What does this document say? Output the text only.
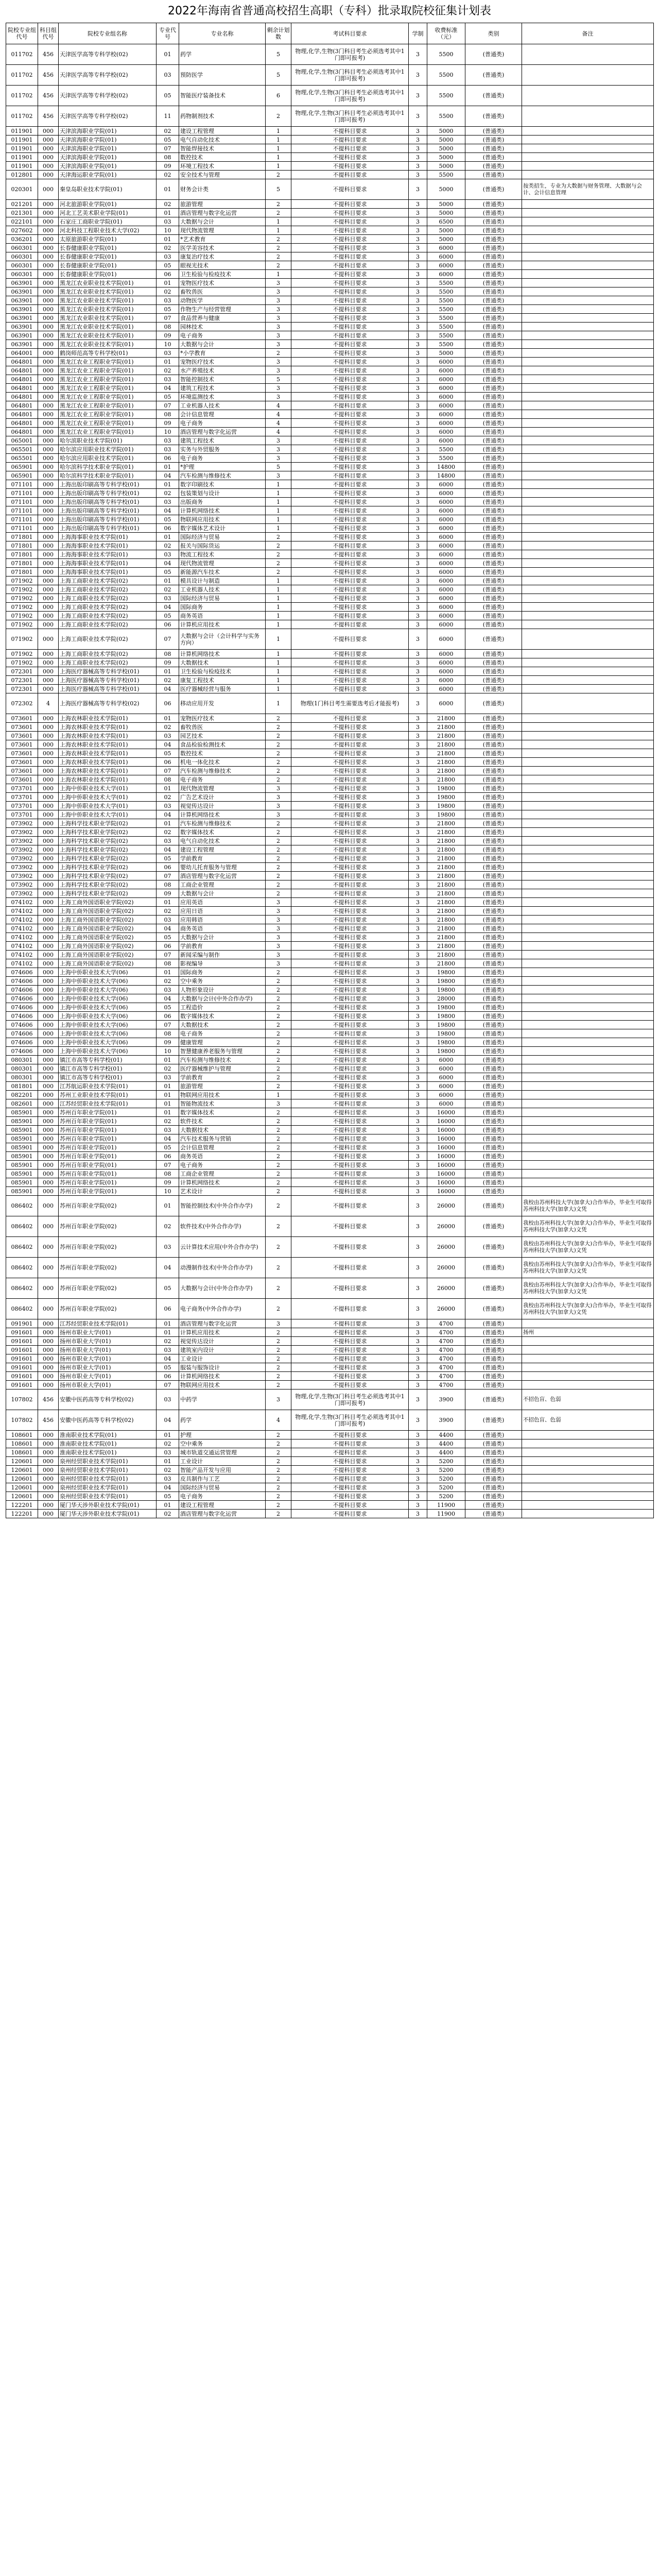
2022年海南省普通高校招生高职（专科）批录取院校征集计划表
院校专业组代号	科目组代号	院校专业组名称	专业代号	专业名称	剩余计划数	考试科目要求	学制	收费标准（元）	类别	备注
011702	456	天津医学高等专科学校(02)	01	药学	5	物理,化学,生物(3门科目考生必须选考其中1门即可报考)	3	5500	(普通类)	
011702	456	天津医学高等专科学校(02)	03	预防医学	5	物理,化学,生物(3门科目考生必须选考其中1门即可报考)	3	5500	(普通类)	
011702	456	天津医学高等专科学校(02)	05	智能医疗装备技术	6	物理,化学,生物(3门科目考生必须选考其中1门即可报考)	3	5500	(普通类)	
011702	456	天津医学高等专科学校(02)	11	药物制剂技术	2	物理,化学,生物(3门科目考生必须选考其中1门即可报考)	3	5500	(普通类)	
011901	000	天津滨海职业学院(01)	02	建设工程管理	1	不提科目要求	3	5000	(普通类)	
011901	000	天津滨海职业学院(01)	05	电气自动化技术	1	不提科目要求	3	5000	(普通类)	
011901	000	天津滨海职业学院(01)	07	智能焊接技术	1	不提科目要求	3	5000	(普通类)	
011901	000	天津滨海职业学院(01)	08	数控技术	1	不提科目要求	3	5000	(普通类)	
011901	000	天津滨海职业学院(01)	09	环境工程技术	1	不提科目要求	3	5000	(普通类)	
012801	000	天津海运职业学院(01)	02	安全技术与管理	2	不提科目要求	3	5500	(普通类)	
020301	000	秦皇岛职业技术学院(01)	01	财务会计类	5	不提科目要求	3	5000	(普通类)	按类招生，专业为大数据与财务管理、大数据与会计、会计信息管理
021201	000	河北旅游职业学院(01)	02	旅游管理	2	不提科目要求	3	5000	(普通类)	
021301	000	河北工艺美术职业学院(01)	01	酒店管理与数字化运营	2	不提科目要求	3	5000	(普通类)	
022101	000	石家庄工商职业学院(01)	03	大数据与会计	1	不提科目要求	3	6500	(普通类)	
027602	000	河北科技工程职业技术大学(02)	10	现代物流管理	1	不提科目要求	3	5000	(普通类)	
036201	000	太原旅游职业学院(01)	01	*艺术教育	2	不提科目要求	3	5000	(普通类)	
060301	000	长春健康职业学院(01)	02	医学美容技术	2	不提科目要求	3	6000	(普通类)	
060301	000	长春健康职业学院(01)	03	康复治疗技术	2	不提科目要求	3	6000	(普通类)	
060301	000	长春健康职业学院(01)	05	眼视光技术	2	不提科目要求	3	6000	(普通类)	
060301	000	长春健康职业学院(01)	06	卫生检验与检疫技术	1	不提科目要求	3	6000	(普通类)	
063901	000	黑龙江农业职业技术学院(01)	01	宠物医疗技术	3	不提科目要求	3	5500	(普通类)	
063901	000	黑龙江农业职业技术学院(01)	02	畜牧兽医	3	不提科目要求	3	5500	(普通类)	
063901	000	黑龙江农业职业技术学院(01)	03	动物医学	3	不提科目要求	3	5500	(普通类)	
063901	000	黑龙江农业职业技术学院(01)	05	作物生产与经营管理	3	不提科目要求	3	5500	(普通类)	
063901	000	黑龙江农业职业技术学院(01)	07	食品营养与健康	3	不提科目要求	3	5500	(普通类)	
063901	000	黑龙江农业职业技术学院(01)	08	园林技术	3	不提科目要求	3	5500	(普通类)	
063901	000	黑龙江农业职业技术学院(01)	09	电子商务	3	不提科目要求	3	5500	(普通类)	
063901	000	黑龙江农业职业技术学院(01)	10	大数据与会计	3	不提科目要求	3	5500	(普通类)	
064001	000	鹤岗师范高等专科学校(01)	03	*小学教育	2	不提科目要求	3	5000	(普通类)	
064801	000	黑龙江农业工程职业学院(01)	01	宠物医疗技术	3	不提科目要求	3	6000	(普通类)	
064801	000	黑龙江农业工程职业学院(01)	02	水产养殖技术	3	不提科目要求	3	6000	(普通类)	
064801	000	黑龙江农业工程职业学院(01)	03	智能控制技术	5	不提科目要求	3	6000	(普通类)	
064801	000	黑龙江农业工程职业学院(01)	04	建筑工程技术	3	不提科目要求	3	6000	(普通类)	
064801	000	黑龙江农业工程职业学院(01)	05	环境监测技术	3	不提科目要求	3	6000	(普通类)	
064801	000	黑龙江农业工程职业学院(01)	07	工业机器人技术	4	不提科目要求	3	6000	(普通类)	
064801	000	黑龙江农业工程职业学院(01)	08	会计信息管理	4	不提科目要求	3	6000	(普通类)	
064801	000	黑龙江农业工程职业学院(01)	09	电子商务	4	不提科目要求	3	6000	(普通类)	
064801	000	黑龙江农业工程职业学院(01)	10	酒店管理与数字化运营	4	不提科目要求	3	6000	(普通类)	
065001	000	哈尔滨职业技术学院(01)	03	建筑工程技术	3	不提科目要求	3	6000	(普通类)	
065501	000	哈尔滨应用职业技术学院(01)	03	实务与外贸服务	3	不提科目要求	3	5500	(普通类)	
065501	000	哈尔滨应用职业技术学院(01)	06	电子商务	3	不提科目要求	3	5500	(普通类)	
065901	000	哈尔滨科学技术职业学院(01)	01	*护理	5	不提科目要求	3	14800	(普通类)	
065901	000	哈尔滨科学技术职业学院(01)	04	汽车检测与维修技术	3	不提科目要求	3	14800	(普通类)	
071101	000	上海出版印刷高等专科学校(01)	01	数字印刷技术	1	不提科目要求	3	6000	(普通类)	
071101	000	上海出版印刷高等专科学校(01)	02	包装策划与设计	1	不提科目要求	3	6000	(普通类)	
071101	000	上海出版印刷高等专科学校(01)	03	出版商务	1	不提科目要求	3	6000	(普通类)	
071101	000	上海出版印刷高等专科学校(01)	04	计算机网络技术	1	不提科目要求	3	6000	(普通类)	
071101	000	上海出版印刷高等专科学校(01)	05	物联网应用技术	1	不提科目要求	3	6000	(普通类)	
071101	000	上海出版印刷高等专科学校(01)	06	数字媒体艺术设计	1	不提科目要求	3	6000	(普通类)	
071801	000	上海海事职业技术学院(01)	01	国际经济与贸易	2	不提科目要求	3	6000	(普通类)	
071801	000	上海海事职业技术学院(01)	02	报关与国际货运	2	不提科目要求	3	6000	(普通类)	
071801	000	上海海事职业技术学院(01)	03	物流工程技术	2	不提科目要求	3	6000	(普通类)	
071801	000	上海海事职业技术学院(01)	04	现代物流管理	2	不提科目要求	3	6000	(普通类)	
071801	000	上海海事职业技术学院(01)	05	新能源汽车技术	2	不提科目要求	3	6000	(普通类)	
071902	000	上海工商职业技术学院(02)	01	模具设计与制造	1	不提科目要求	3	6000	(普通类)	
071902	000	上海工商职业技术学院(02)	02	工业机器人技术	1	不提科目要求	3	6000	(普通类)	
071902	000	上海工商职业技术学院(02)	03	国际经济与贸易	1	不提科目要求	3	6000	(普通类)	
071902	000	上海工商职业技术学院(02)	04	国际商务	1	不提科目要求	3	6000	(普通类)	
071902	000	上海工商职业技术学院(02)	05	商务英语	1	不提科目要求	3	6000	(普通类)	
071902	000	上海工商职业技术学院(02)	06	计算机应用技术	1	不提科目要求	3	6000	(普通类)	
071902	000	上海工商职业技术学院(02)	07	大数据与会计（会计科学与实务方向）	1	不提科目要求	3	6000	(普通类)	
071902	000	上海工商职业技术学院(02)	08	计算机网络技术	1	不提科目要求	3	6000	(普通类)	
071902	000	上海工商职业技术学院(02)	09	大数据技术	1	不提科目要求	3	6000	(普通类)	
072301	000	上海医疗器械高等专科学校(01)	01	卫生检验与检疫技术	1	不提科目要求	3	6000	(普通类)	
072301	000	上海医疗器械高等专科学校(01)	02	康复工程技术	1	不提科目要求	3	6000	(普通类)	
072301	000	上海医疗器械高等专科学校(01)	04	医疗器械经营与服务	1	不提科目要求	3	6000	(普通类)	
072302	4	上海医疗器械高等专科学校(02)	06	移动应用开发	1	物理(1门科目考生需要选考后才能报考)	3	6000	(普通类)	
073601	000	上海农林职业技术学院(01)	01	宠物医疗技术	2	不提科目要求	3	21800	(普通类)	
073601	000	上海农林职业技术学院(01)	02	畜牧兽医	2	不提科目要求	3	21800	(普通类)	
073601	000	上海农林职业技术学院(01)	03	园艺技术	2	不提科目要求	3	21800	(普通类)	
073601	000	上海农林职业技术学院(01)	04	食品检验检测技术	2	不提科目要求	3	21800	(普通类)	
073601	000	上海农林职业技术学院(01)	05	数控技术	2	不提科目要求	3	21800	(普通类)	
073601	000	上海农林职业技术学院(01)	06	机电一体化技术	2	不提科目要求	3	21800	(普通类)	
073601	000	上海农林职业技术学院(01)	07	汽车检测与维修技术	2	不提科目要求	3	21800	(普通类)	
073601	000	上海农林职业技术学院(01)	08	电子商务	2	不提科目要求	3	21800	(普通类)	
073701	000	上海中侨职业技术大学(01)	01	现代物流管理	3	不提科目要求	3	19800	(普通类)	
073701	000	上海中侨职业技术大学(01)	02	广告艺术设计	3	不提科目要求	3	19800	(普通类)	
073701	000	上海中侨职业技术大学(01)	03	视觉传达设计	3	不提科目要求	3	19800	(普通类)	
073701	000	上海中侨职业技术大学(01)	04	计算机网络技术	3	不提科目要求	3	19800	(普通类)	
073902	000	上海科学技术职业学院(02)	01	汽车检测与维修技术	2	不提科目要求	3	21800	(普通类)	
073902	000	上海科学技术职业学院(02)	02	数字媒体技术	2	不提科目要求	3	21800	(普通类)	
073902	000	上海科学技术职业学院(02)	03	电气自动化技术	2	不提科目要求	3	21800	(普通类)	
073902	000	上海科学技术职业学院(02)	04	建设工程管理	2	不提科目要求	3	21800	(普通类)	
073902	000	上海科学技术职业学院(02)	05	学前教育	2	不提科目要求	3	21800	(普通类)	
073902	000	上海科学技术职业学院(02)	06	婴幼儿托育服务与管理	2	不提科目要求	3	21800	(普通类)	
073902	000	上海科学技术职业学院(02)	07	酒店管理与数字化运营	2	不提科目要求	3	21800	(普通类)	
073902	000	上海科学技术职业学院(02)	08	工商企业管理	2	不提科目要求	3	21800	(普通类)	
073902	000	上海科学技术职业学院(02)	09	大数据与会计	2	不提科目要求	3	21800	(普通类)	
074102	000	上海工商外国语职业学院(02)	01	应用英语	3	不提科目要求	3	21800	(普通类)	
074102	000	上海工商外国语职业学院(02)	02	应用日语	3	不提科目要求	3	21800	(普通类)	
074102	000	上海工商外国语职业学院(02)	03	应用韩语	3	不提科目要求	3	21800	(普通类)	
074102	000	上海工商外国语职业学院(02)	04	商务英语	3	不提科目要求	3	21800	(普通类)	
074102	000	上海工商外国语职业学院(02)	05	大数据与会计	3	不提科目要求	3	21800	(普通类)	
074102	000	上海工商外国语职业学院(02)	06	学前教育	3	不提科目要求	3	21800	(普通类)	
074102	000	上海工商外国语职业学院(02)	07	新闻采编与制作	3	不提科目要求	3	21800	(普通类)	
074102	000	上海工商外国语职业学院(02)	08	影视编导	3	不提科目要求	3	21800	(普通类)	
074606	000	上海中侨职业技术大学(06)	01	国际商务	2	不提科目要求	3	19800	(普通类)	
074606	000	上海中侨职业技术大学(06)	02	空中乘务	2	不提科目要求	3	19800	(普通类)	
074606	000	上海中侨职业技术大学(06)	03	人物形象设计	2	不提科目要求	3	19800	(普通类)	
074606	000	上海中侨职业技术大学(06)	04	大数据与会计(中外合作办学)	2	不提科目要求	3	28000	(普通类)	
074606	000	上海中侨职业技术大学(06)	05	工程造价	2	不提科目要求	3	19800	(普通类)	
074606	000	上海中侨职业技术大学(06)	06	数字媒体技术	2	不提科目要求	3	19800	(普通类)	
074606	000	上海中侨职业技术大学(06)	07	大数据技术	2	不提科目要求	3	19800	(普通类)	
074606	000	上海中侨职业技术大学(06)	08	电子商务	2	不提科目要求	3	19800	(普通类)	
074606	000	上海中侨职业技术大学(06)	09	健康管理	2	不提科目要求	3	19800	(普通类)	
074606	000	上海中侨职业技术大学(06)	10	智慧健康养老服务与管理	2	不提科目要求	3	19800	(普通类)	
080301	000	镇江市高等专科学校(01)	01	汽车检测与维修技术	2	不提科目要求	3	6000	(普通类)	
080301	000	镇江市高等专科学校(01)	02	医疗器械维护与管理	2	不提科目要求	3	6000	(普通类)	
080301	000	镇江市高等专科学校(01)	03	学前教育	2	不提科目要求	3	6000	(普通类)	
081801	000	江苏航运职业技术学院(01)	01	旅游管理	2	不提科目要求	3	6000	(普通类)	
082201	000	苏州工业职业技术学院(01)	01	物联网应用技术	1	不提科目要求	3	6000	(普通类)	
082601	000	江苏经贸职业技术学院(01)	01	智能物流技术	3	不提科目要求	3	6000	(普通类)	
085901	000	苏州百年职业学院(01)	01	数字媒体技术	2	不提科目要求	3	16000	(普通类)	
085901	000	苏州百年职业学院(01)	02	软件技术	2	不提科目要求	3	16000	(普通类)	
085901	000	苏州百年职业学院(01)	03	大数据技术	2	不提科目要求	3	16000	(普通类)	
085901	000	苏州百年职业学院(01)	04	汽车技术服务与营销	2	不提科目要求	3	16000	(普通类)	
085901	000	苏州百年职业学院(01)	05	会计信息管理	2	不提科目要求	3	16000	(普通类)	
085901	000	苏州百年职业学院(01)	06	商务英语	2	不提科目要求	3	16000	(普通类)	
085901	000	苏州百年职业学院(01)	07	电子商务	2	不提科目要求	3	16000	(普通类)	
085901	000	苏州百年职业学院(01)	08	工商企业管理	2	不提科目要求	3	16000	(普通类)	
085901	000	苏州百年职业学院(01)	09	计算机网络技术	2	不提科目要求	3	16000	(普通类)	
085901	000	苏州百年职业学院(01)	10	艺术设计	2	不提科目要求	3	16000	(普通类)	
086402	000	苏州百年职业学院(02)	01	智能控制技术(中外合作办学)	2	不提科目要求	3	26000	(普通类)	我校由苏州科技大学(加拿大)合作举办，毕业生可取得苏州科技大学(加拿大)文凭
086402	000	苏州百年职业学院(02)	02	软件技术(中外合作办学)	2	不提科目要求	3	26000	(普通类)	我校由苏州科技大学(加拿大)合作举办，毕业生可取得苏州科技大学(加拿大)文凭
086402	000	苏州百年职业学院(02)	03	云计算技术应用(中外合作办学)	2	不提科目要求	3	26000	(普通类)	我校由苏州科技大学(加拿大)合作举办，毕业生可取得苏州科技大学(加拿大)文凭
086402	000	苏州百年职业学院(02)	04	动漫制作技术(中外合作办学)	2	不提科目要求	3	26000	(普通类)	我校由苏州科技大学(加拿大)合作举办，毕业生可取得苏州科技大学(加拿大)文凭
086402	000	苏州百年职业学院(02)	05	大数据与会计(中外合作办学)	2	不提科目要求	3	26000	(普通类)	我校由苏州科技大学(加拿大)合作举办，毕业生可取得苏州科技大学(加拿大)文凭
086402	000	苏州百年职业学院(02)	06	电子商务(中外合作办学)	2	不提科目要求	3	26000	(普通类)	我校由苏州科技大学(加拿大)合作举办，毕业生可取得苏州科技大学(加拿大)文凭
091901	000	江苏经贸职业技术学院(01)	01	酒店管理与数字化运营	3	不提科目要求	3	4700	(普通类)	
091601	000	扬州市职业大学(01)	01	计算机应用技术	2	不提科目要求	3	4700	(普通类)	扬州
091601	000	扬州市职业大学(01)	02	视觉传达设计	2	不提科目要求	3	4700	(普通类)	
091601	000	扬州市职业大学(01)	03	建筑室内设计	2	不提科目要求	3	4700	(普通类)	
091601	000	扬州市职业大学(01)	04	工业设计	2	不提科目要求	3	4700	(普通类)	
091601	000	扬州市职业大学(01)	05	服装与服饰设计	2	不提科目要求	3	4700	(普通类)	
091601	000	扬州市职业大学(01)	06	计算机网络技术	2	不提科目要求	3	4700	(普通类)	
091601	000	扬州市职业大学(01)	07	物联网应用技术	2	不提科目要求	3	4700	(普通类)	
107802	456	安徽中医药高等专科学校(02)	03	中药学	3	物理,化学,生物(3门科目考生必须选考其中1门即可报考)	3	3900	(普通类)	不招色盲、色弱
107802	456	安徽中医药高等专科学校(02)	04	药学	4	物理,化学,生物(3门科目考生必须选考其中1门即可报考)	3	3900	(普通类)	不招色盲、色弱
108601	000	淮南职业技术学院(01)	01	护理	2	不提科目要求	3	4400	(普通类)	
108601	000	淮南职业技术学院(01)	02	空中乘务	2	不提科目要求	3	4400	(普通类)	
108601	000	淮南职业技术学院(01)	03	城市轨道交通运营管理	2	不提科目要求	3	4400	(普通类)	
120601	000	泉州经贸职业技术学院(01)	01	工业设计	2	不提科目要求	3	5200	(普通类)	
120601	000	泉州经贸职业技术学院(01)	02	智能产品开发与应用	2	不提科目要求	3	5200	(普通类)	
120601	000	泉州经贸职业技术学院(01)	03	皮具制作与工艺	2	不提科目要求	3	5200	(普通类)	
120601	000	泉州经贸职业技术学院(01)	04	国际经济与贸易	2	不提科目要求	3	5200	(普通类)	
120601	000	泉州经贸职业技术学院(01)	05	电子商务	2	不提科目要求	3	5200	(普通类)	
122201	000	厦门华天涉外职业技术学院(01)	01	建设工程管理	2	不提科目要求	3	11900	(普通类)	
122201	000	厦门华天涉外职业技术学院(01)	02	酒店管理与数字化运营	2	不提科目要求	3	11900	(普通类)	
